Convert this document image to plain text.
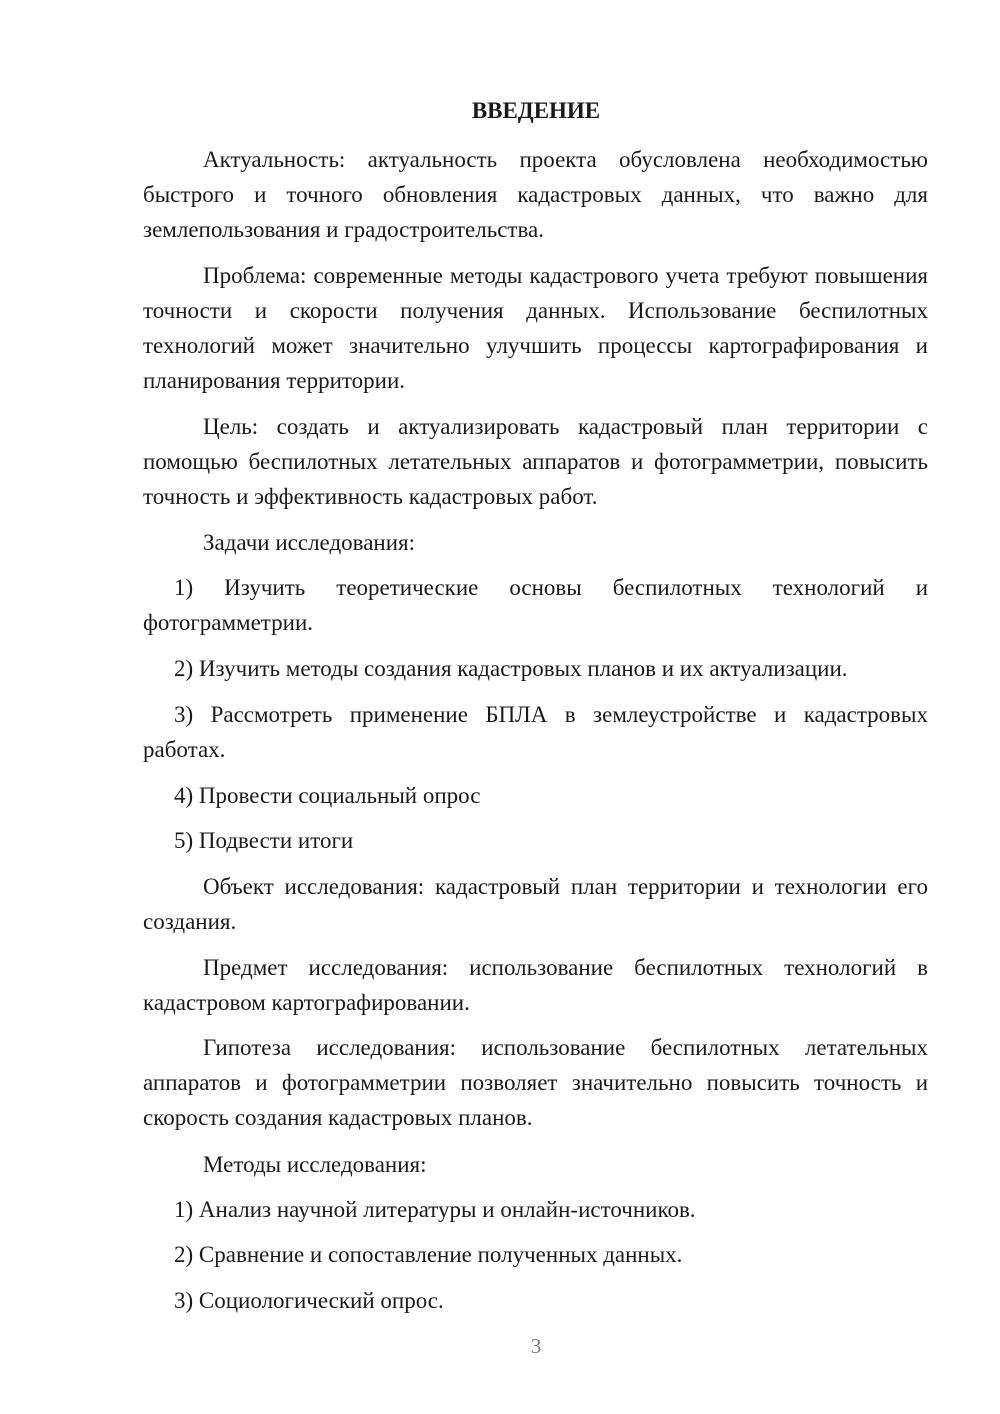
ВВЕДЕНИЕ

Актуальность: актуальность проекта обусловлена необходимостью быстрого и точного обновления кадастровых данных, что важно для землепользования и градостроительства.

Проблема: современные методы кадастрового учета требуют повышения точности и скорости получения данных. Использование беспилотных технологий может значительно улучшить процессы картографирования и планирования территории.

Цель: создать и актуализировать кадастровый план территории с помощью беспилотных летательных аппаратов и фотограмметрии, повысить точность и эффективность кадастровых работ.

Задачи исследования:

1) Изучить теоретические основы беспилотных технологий и фотограмметрии.

2) Изучить методы создания кадастровых планов и их актуализации.

3) Рассмотреть применение БПЛА в землеустройстве и кадастровых работах.

4) Провести социальный опрос

5) Подвести итоги

Объект исследования: кадастровый план территории и технологии его создания.

Предмет исследования: использование беспилотных технологий в кадастровом картографировании.

Гипотеза исследования: использование беспилотных летательных аппаратов и фотограмметрии позволяет значительно повысить точность и скорость создания кадастровых планов.

Методы исследования:

1) Анализ научной литературы и онлайн-источников.

2) Сравнение и сопоставление полученных данных.

3) Социологический опрос.

3
